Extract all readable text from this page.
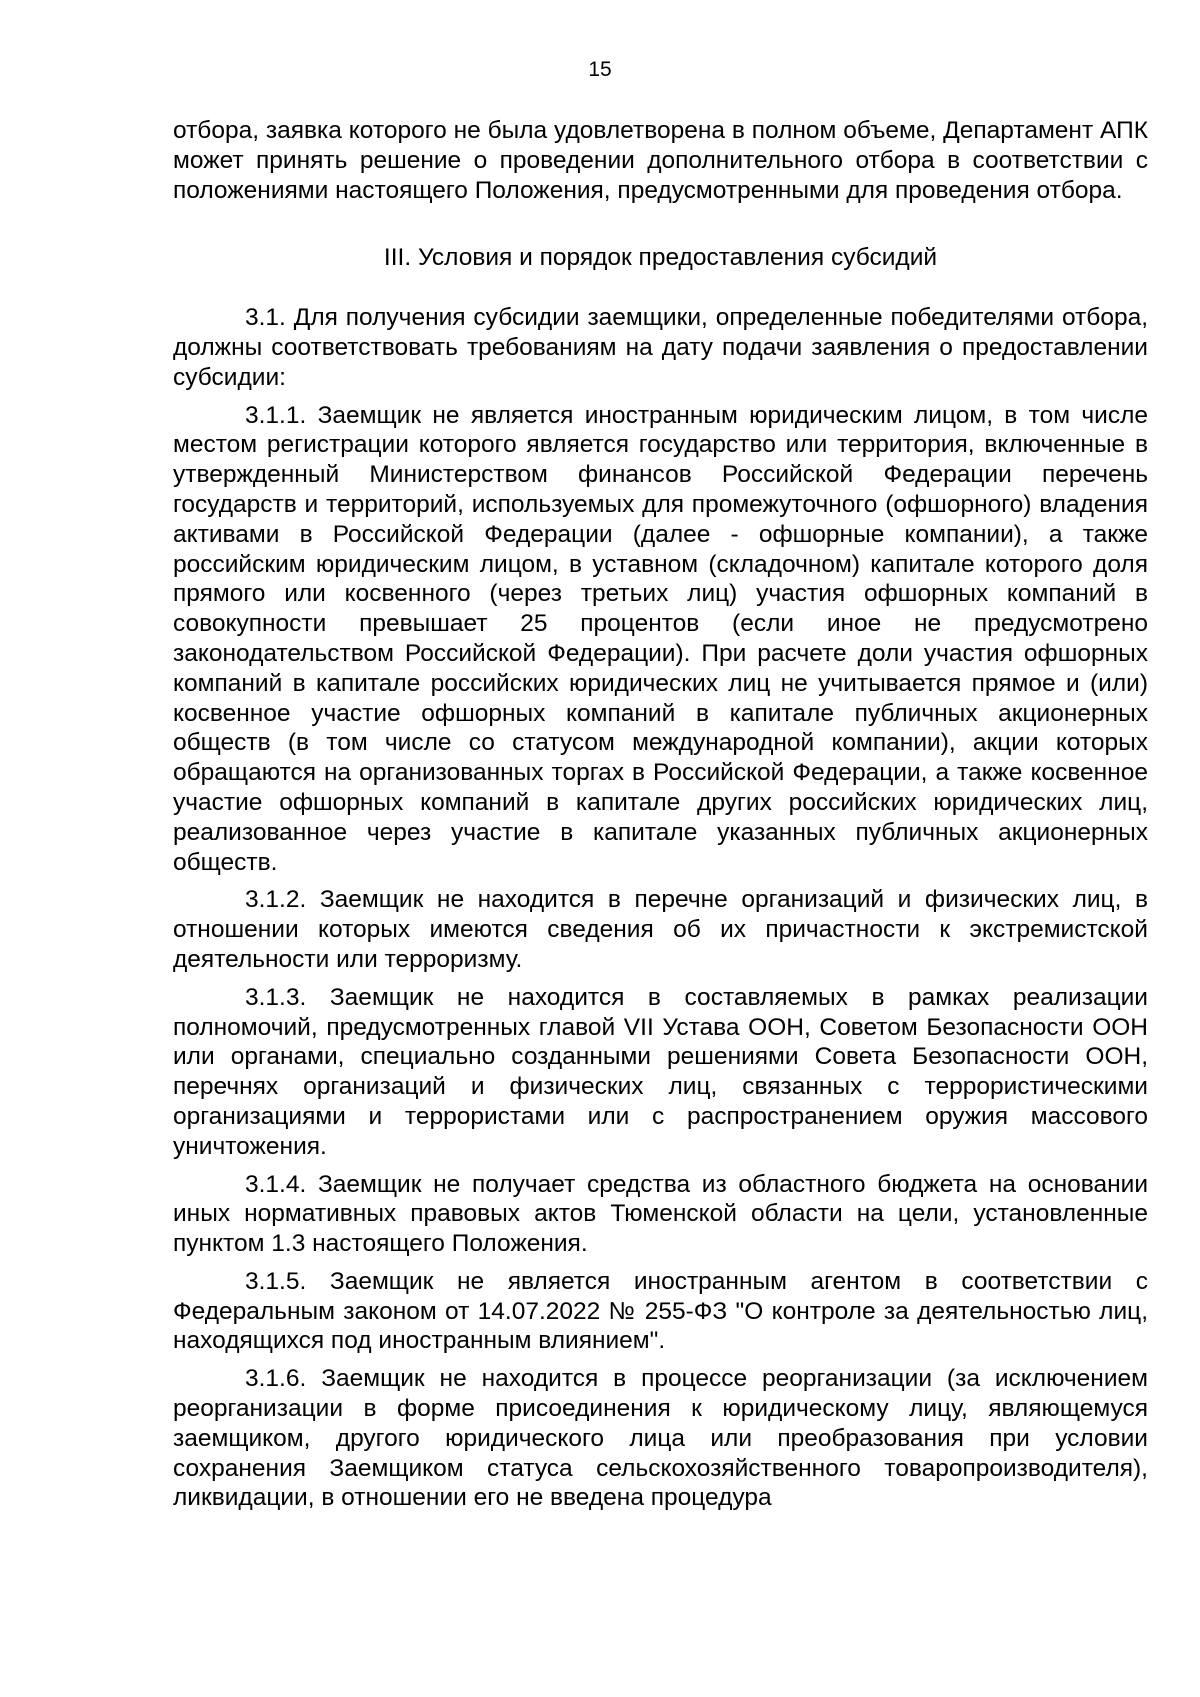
15

отбора, заявка которого не была удовлетворена в полном объеме, Департамент АПК может принять решение о проведении дополнительного отбора в соответствии с положениями настоящего Положения, предусмотренными для проведения отбора.

III. Условия и порядок предоставления субсидий

3.1. Для получения субсидии заемщики, определенные победителями отбора, должны соответствовать требованиям на дату подачи заявления о предоставлении субсидии:

3.1.1. Заемщик не является иностранным юридическим лицом, в том числе местом регистрации которого является государство или территория, включенные в утвержденный Министерством финансов Российской Федерации перечень государств и территорий, используемых для промежуточного (офшорного) владения активами в Российской Федерации (далее - офшорные компании), а также российским юридическим лицом, в уставном (складочном) капитале которого доля прямого или косвенного (через третьих лиц) участия офшорных компаний в совокупности превышает 25 процентов (если иное не предусмотрено законодательством Российской Федерации). При расчете доли участия офшорных компаний в капитале российских юридических лиц не учитывается прямое и (или) косвенное участие офшорных компаний в капитале публичных акционерных обществ (в том числе со статусом международной компании), акции которых обращаются на организованных торгах в Российской Федерации, а также косвенное участие офшорных компаний в капитале других российских юридических лиц, реализованное через участие в капитале указанных публичных акционерных обществ.

3.1.2. Заемщик не находится в перечне организаций и физических лиц, в отношении которых имеются сведения об их причастности к экстремистской деятельности или терроризму.

3.1.3. Заемщик не находится в составляемых в рамках реализации полномочий, предусмотренных главой VII Устава ООН, Советом Безопасности ООН или органами, специально созданными решениями Совета Безопасности ООН, перечнях организаций и физических лиц, связанных с террористическими организациями и террористами или с распространением оружия массового уничтожения.

3.1.4. Заемщик не получает средства из областного бюджета на основании иных нормативных правовых актов Тюменской области на цели, установленные пунктом 1.3 настоящего Положения.

3.1.5. Заемщик не является иностранным агентом в соответствии с Федеральным законом от 14.07.2022 № 255-ФЗ "О контроле за деятельностью лиц, находящихся под иностранным влиянием".

3.1.6. Заемщик не находится в процессе реорганизации (за исключением реорганизации в форме присоединения к юридическому лицу, являющемуся заемщиком, другого юридического лица или преобразования при условии сохранения Заемщиком статуса сельскохозяйственного товаропроизводителя), ликвидации, в отношении его не введена процедура
